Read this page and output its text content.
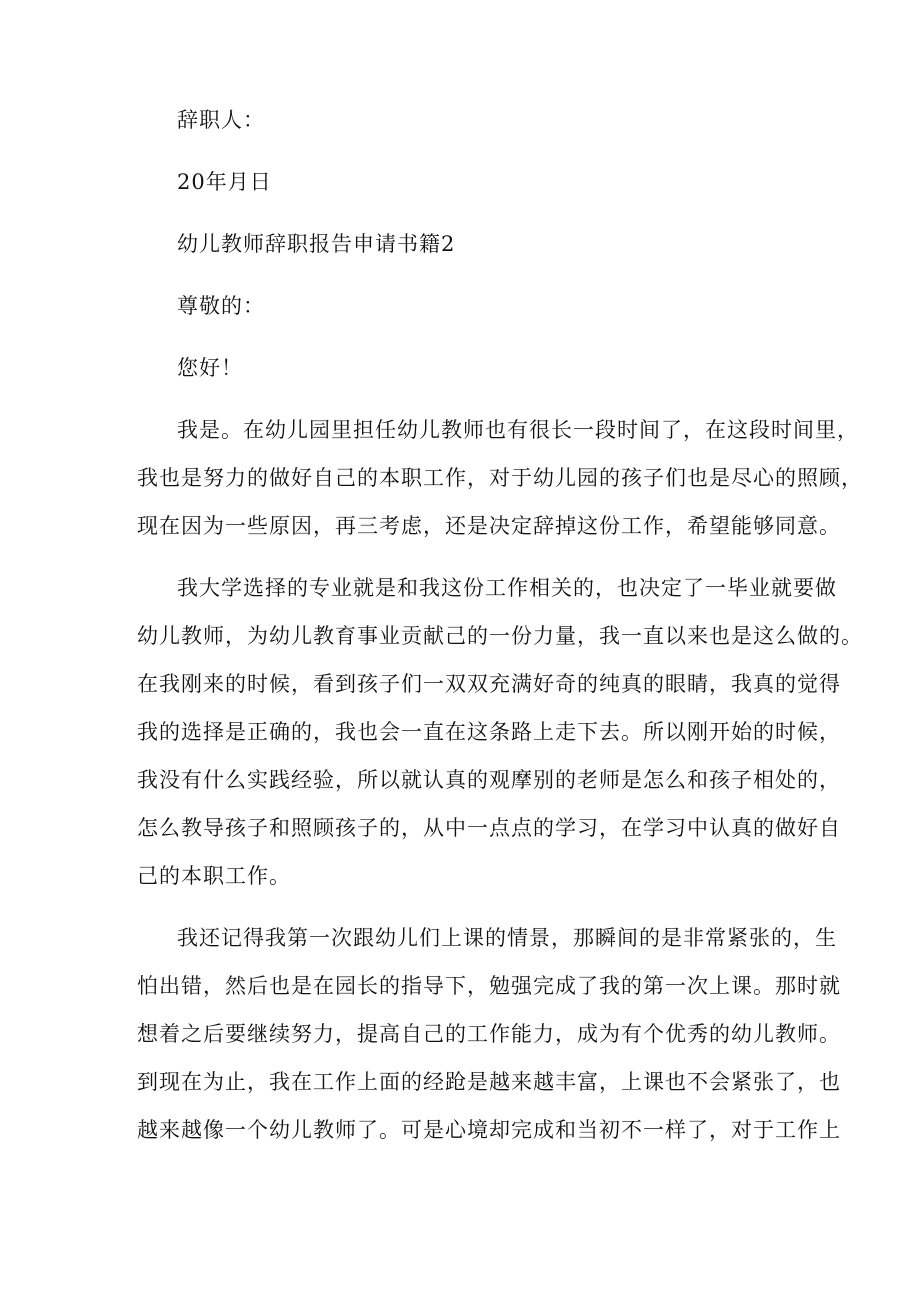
辞职人：

20年月日

幼儿教师辞职报告申请书籍2

尊敬的：

您好！

我是。在幼儿园里担任幼儿教师也有很长一段时间了，在这段时间里，

我也是努力的做好自己的本职工作，对于幼儿园的孩子们也是尽心的照顾，

现在因为一些原因，再三考虑，还是决定辞掉这份工作，希望能够同意。

我大学选择的专业就是和我这份工作相关的，也决定了一毕业就要做

幼儿教师，为幼儿教育事业贡献己的一份力量，我一直以来也是这么做的。

在我刚来的时候，看到孩子们一双双充满好奇的纯真的眼睛，我真的觉得

我的选择是正确的，我也会一直在这条路上走下去。所以刚开始的时候，

我没有什么实践经验，所以就认真的观摩别的老师是怎么和孩子相处的，

怎么教导孩子和照顾孩子的，从中一点点的学习，在学习中认真的做好自

己的本职工作。

我还记得我第一次跟幼儿们上课的情景，那瞬间的是非常紧张的，生

怕出错，然后也是在园长的指导下，勉强完成了我的第一次上课。那时就

想着之后要继续努力，提高自己的工作能力，成为有个优秀的幼儿教师。

到现在为止，我在工作上面的经跄是越来越丰富，上课也不会紧张了，也

越来越像一个幼儿教师了。可是心境却完成和当初不一样了，对于工作上
